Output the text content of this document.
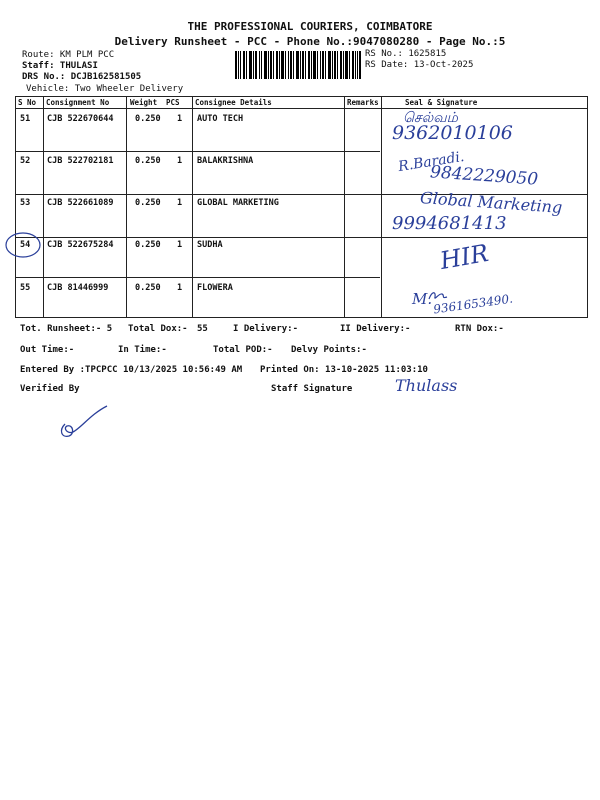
THE PROFESSIONAL COURIERS, COIMBATORE
Delivery Runsheet - PCC - Phone No.:9047080280 - Page No.:5
Route: KM PLM PCC
Staff: THULASI
DRS No.: DCJB162581505
Vehicle: Two Wheeler Delivery
RS No.: 1625815
RS Date: 13-Oct-2025
S No Consignment No	Weight PCS Consignee Details	Remarks	Seal & Signature
51 CJB 522670644	0.250 1 AUTO TECH
52 CJB 522702181	0.250 1 BALAKRISHNA
53 CJB 522661089	0.250 1 GLOBAL MARKETING
54 CJB 522675284	0.250 1 SUDHA
55 CJB 81446999	0.250 1 FLOWERA
செல்வம்
9362010106
R.Baradi.
9842229050
Global Marketing
9994681413
HIR
M. 9361653490.
Tot. Runsheet:- 5 Total Dox:- 55	I Delivery:-	II Delivery:-	RTN Dox:-
Out Time:-	In Time:-	Total POD:- Delvy Points:-
Entered By :TPCPCC 10/13/2025 10:56:49 AM Printed On: 13-10-2025 11:03:10
Verified By	Staff Signature	Thulass
